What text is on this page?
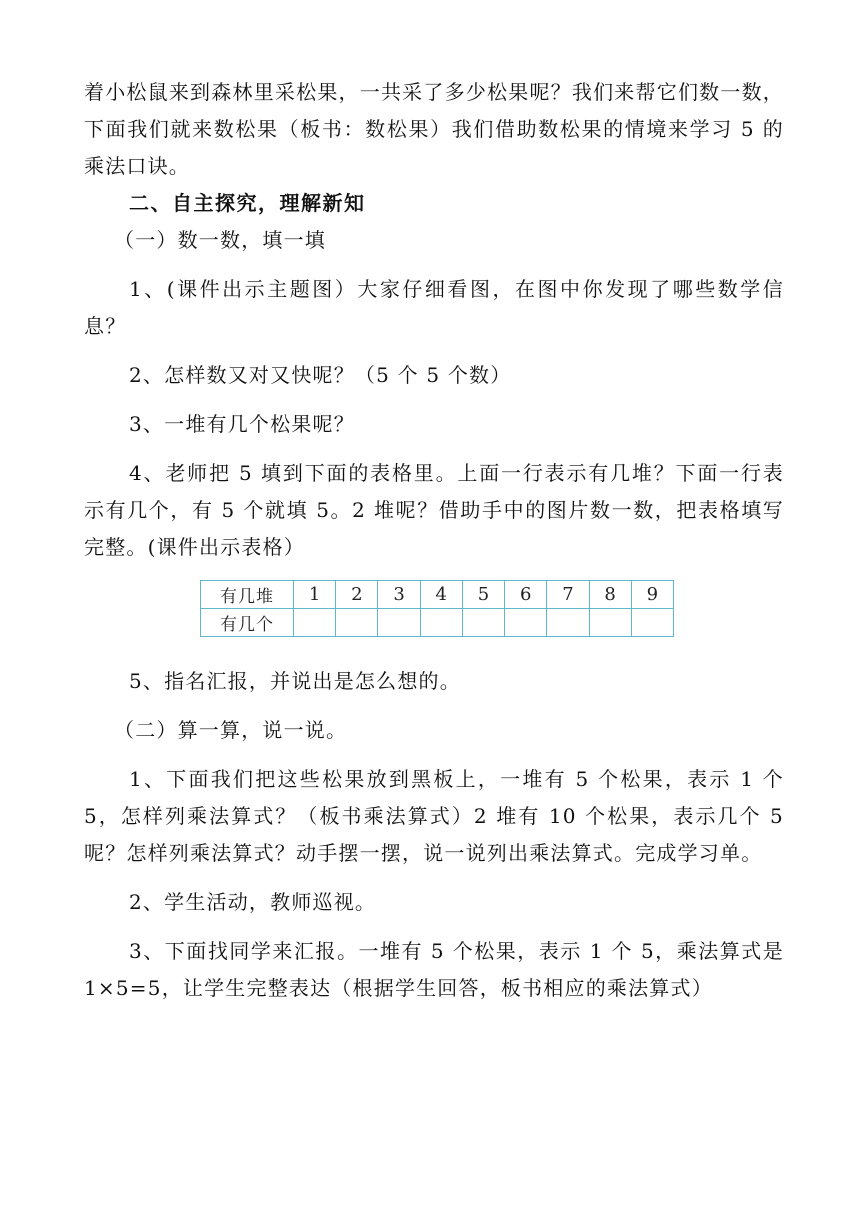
着小松鼠来到森林里采松果，一共采了多少松果呢？我们来帮它们数一数，下面我们就来数松果（板书：数松果）我们借助数松果的情境来学习 5 的乘法口诀。

二、自主探究，理解新知

（一）数一数，填一填

1、(课件出示主题图）大家仔细看图，在图中你发现了哪些数学信息？

2、怎样数又对又快呢？（5 个 5 个数）

3、一堆有几个松果呢？

4、老师把 5 填到下面的表格里。上面一行表示有几堆？下面一行表示有几个，有 5 个就填 5。2 堆呢？借助手中的图片数一数，把表格填写完整。(课件出示表格）

有几堆	1	2	3	4	5	6	7	8	9
有几个									

5、指名汇报，并说出是怎么想的。

（二）算一算，说一说。

1、下面我们把这些松果放到黑板上，一堆有 5 个松果，表示 1 个 5，怎样列乘法算式？（板书乘法算式）2 堆有 10 个松果，表示几个 5 呢？怎样列乘法算式？动手摆一摆，说一说列出乘法算式。完成学习单。

2、学生活动，教师巡视。

3、下面找同学来汇报。一堆有 5 个松果，表示 1 个 5，乘法算式是 1×5=5，让学生完整表达（根据学生回答，板书相应的乘法算式）
